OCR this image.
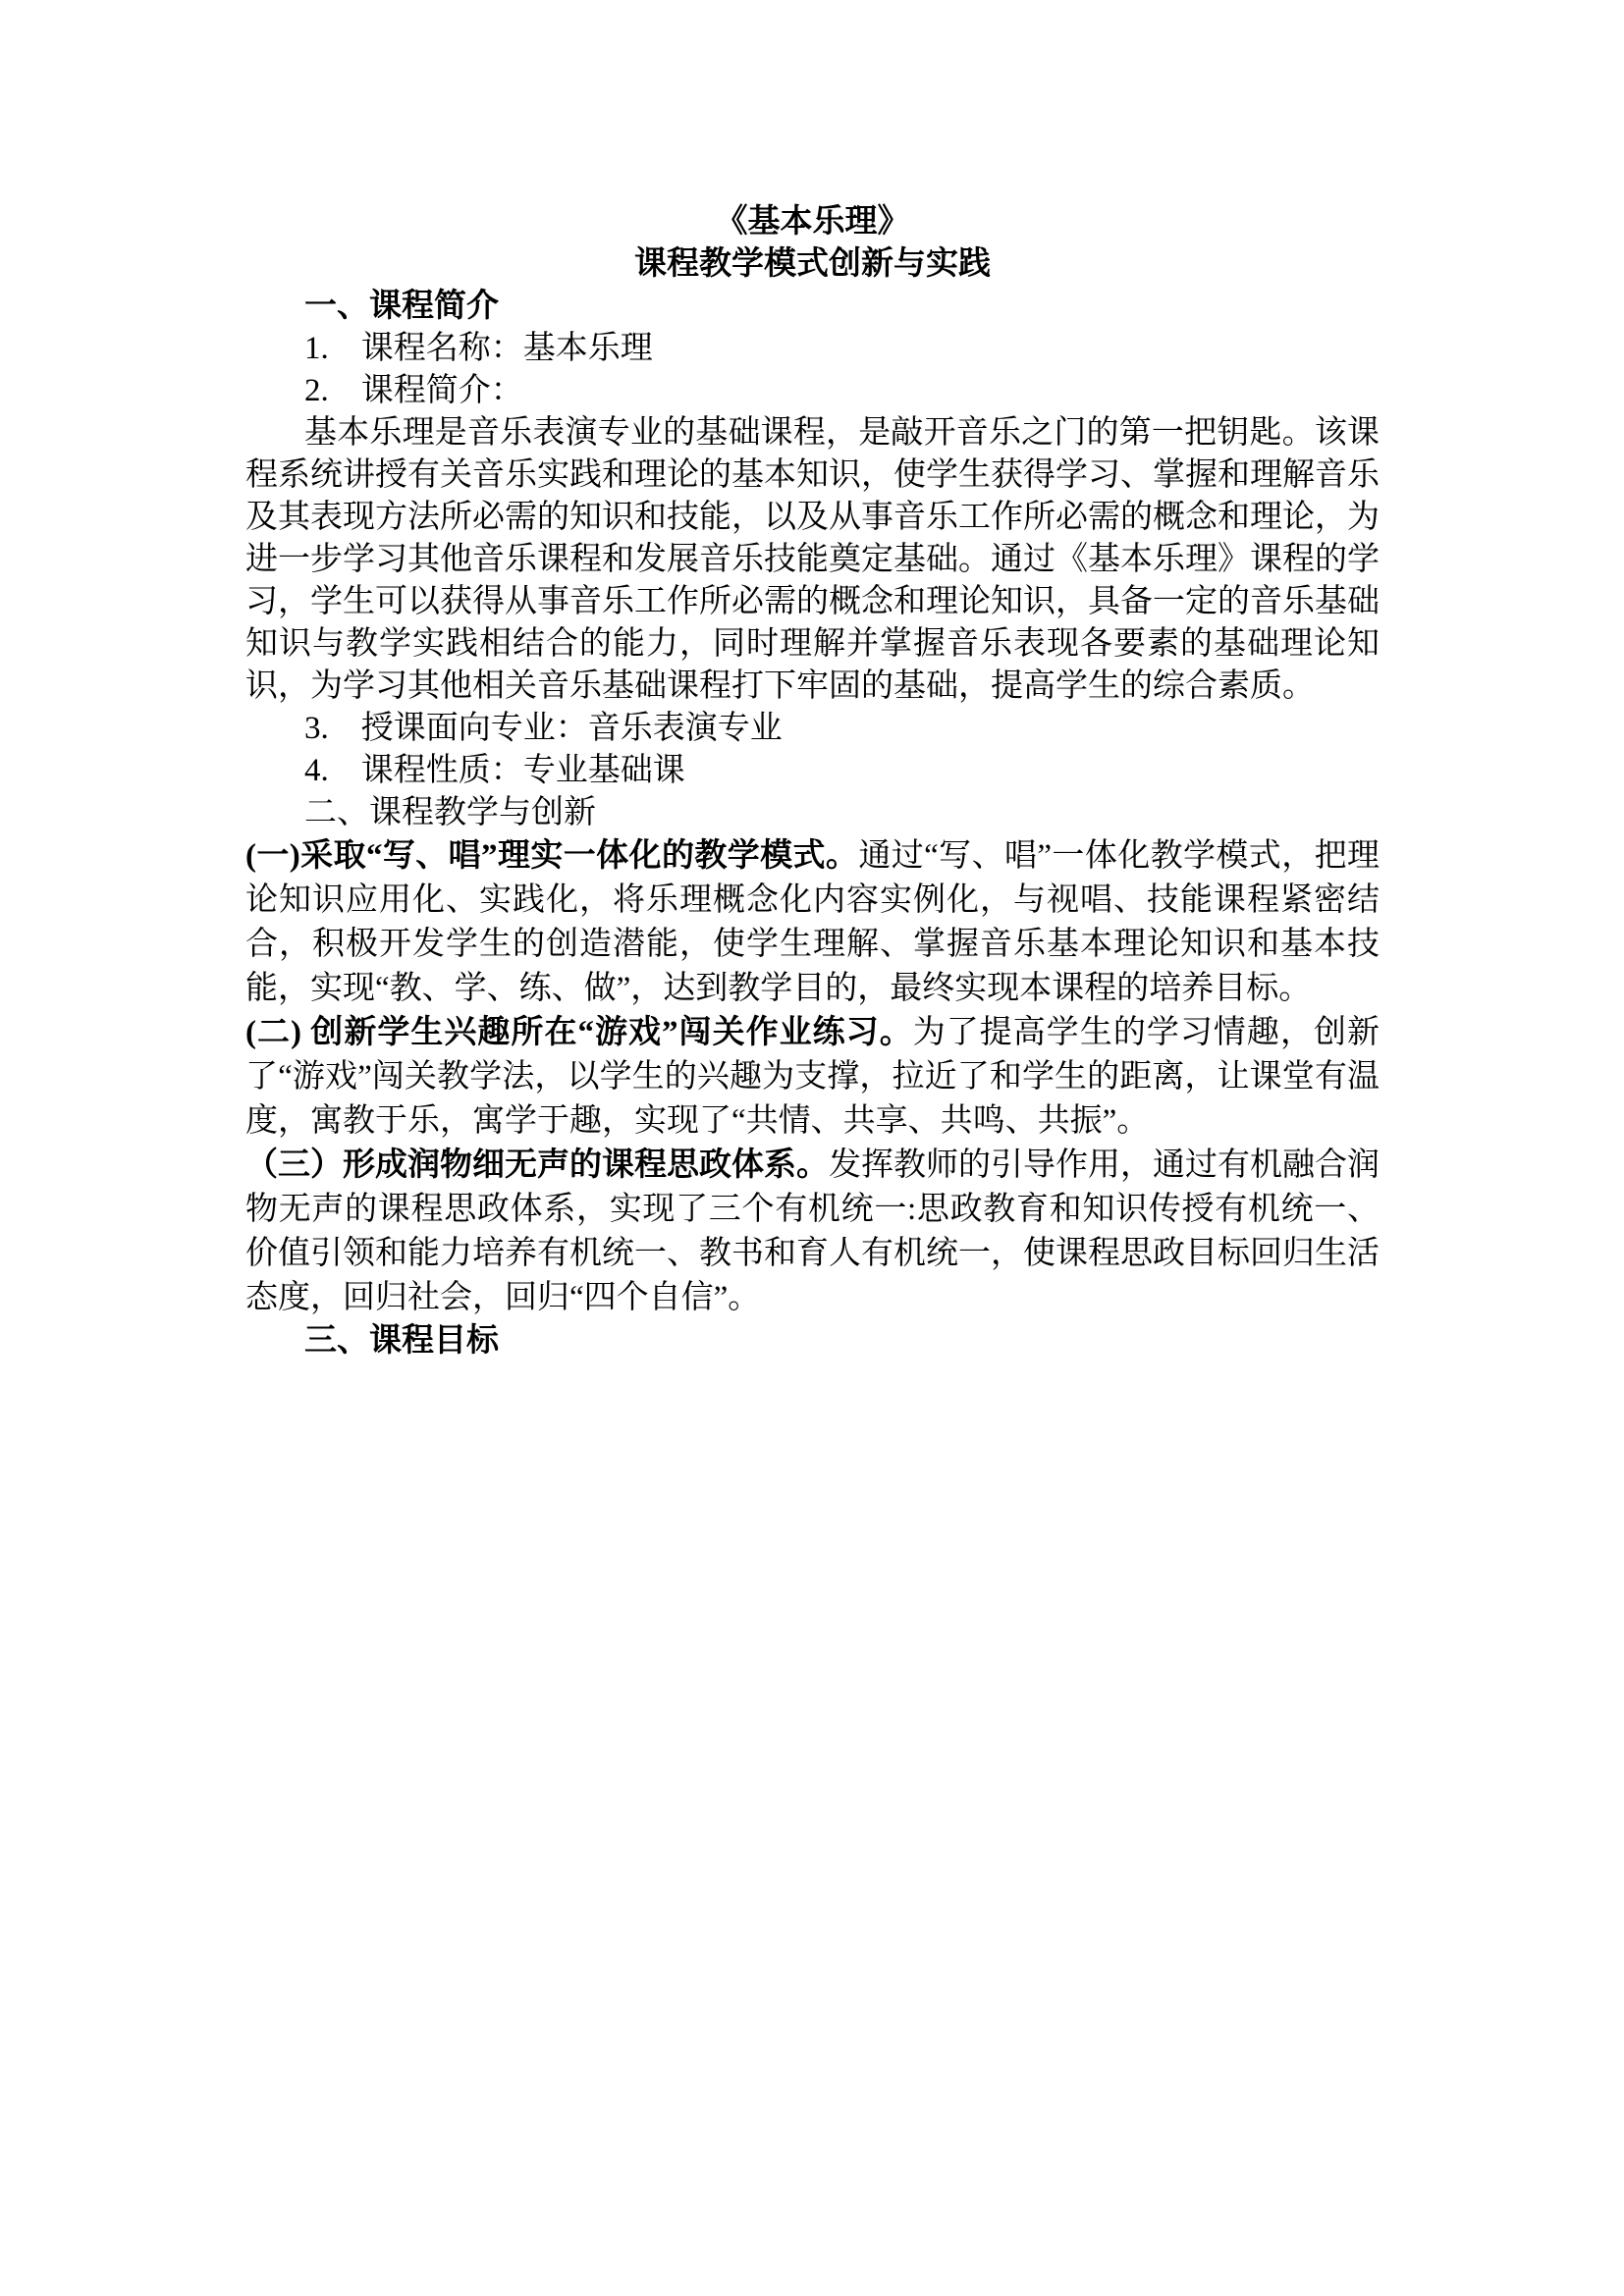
《基本乐理》

课程教学模式创新与实践

一、课程简介

1. 课程名称：基本乐理

2. 课程简介：

基本乐理是音乐表演专业的基础课程，是敲开音乐之门的第一把钥匙。该课程系统讲授有关音乐实践和理论的基本知识，使学生获得学习、掌握和理解音乐及其表现方法所必需的知识和技能，以及从事音乐工作所必需的概念和理论，为进一步学习其他音乐课程和发展音乐技能奠定基础。通过《基本乐理》课程的学习，学生可以获得从事音乐工作所必需的概念和理论知识，具备一定的音乐基础知识与教学实践相结合的能力，同时理解并掌握音乐表现各要素的基础理论知识，为学习其他相关音乐基础课程打下牢固的基础，提高学生的综合素质。

3. 授课面向专业：音乐表演专业

4. 课程性质：专业基础课

二、课程教学与创新

(一)采取“写、唱”理实一体化的教学模式。通过“写、唱”一体化教学模式，把理论知识应用化、实践化，将乐理概念化内容实例化，与视唱、技能课程紧密结合，积极开发学生的创造潜能，使学生理解、掌握音乐基本理论知识和基本技能，实现“教、学、练、做”，达到教学目的，最终实现本课程的培养目标。

(二) 创新学生兴趣所在“游戏”闯关作业练习。为了提高学生的学习情趣，创新了“游戏”闯关教学法，以学生的兴趣为支撑，拉近了和学生的距离，让课堂有温度，寓教于乐，寓学于趣，实现了“共情、共享、共鸣、共振”。

（三）形成润物细无声的课程思政体系。发挥教师的引导作用，通过有机融合润物无声的课程思政体系，实现了三个有机统一:思政教育和知识传授有机统一、价值引领和能力培养有机统一、教书和育人有机统一，使课程思政目标回归生活态度，回归社会，回归“四个自信”。

三、课程目标
